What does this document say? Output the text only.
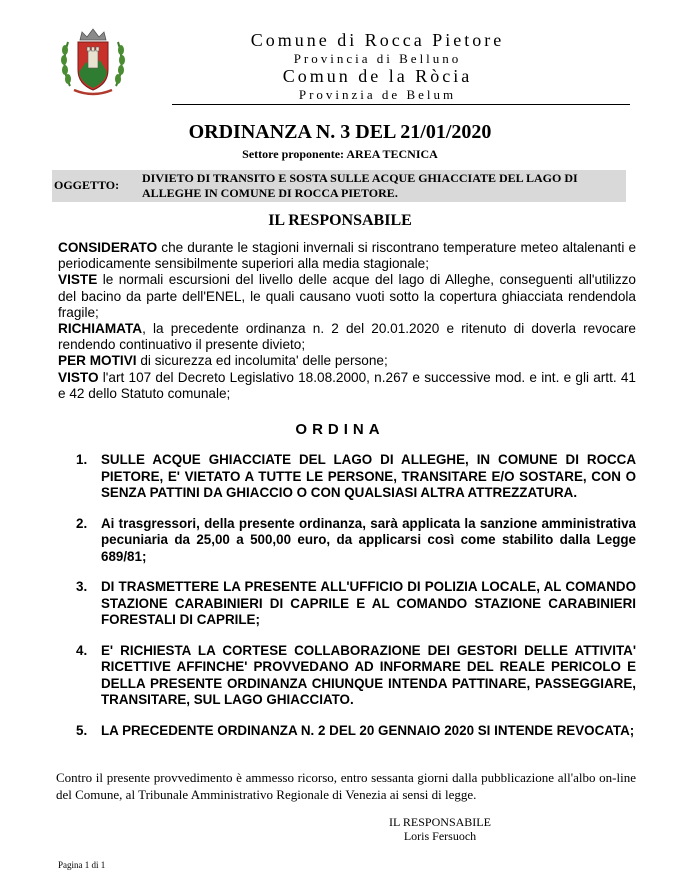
Comune di Rocca Pietore
Provincia di Belluno
Comun de la Ròcia
Provinzia de Belum
ORDINANZA N. 3 DEL 21/01/2020
Settore proponente: AREA TECNICA
OGGETTO: DIVIETO DI TRANSITO E SOSTA SULLE ACQUE GHIACCIATE DEL LAGO DI ALLEGHE IN COMUNE DI ROCCA PIETORE.
IL RESPONSABILE

CONSIDERATO che durante le stagioni invernali si riscontrano temperature meteo altalenanti e periodicamente sensibilmente superiori alla media stagionale;

VISTE le normali escursioni del livello delle acque del lago di Alleghe, conseguenti all'utilizzo del bacino da parte dell'ENEL, le quali causano vuoti sotto la copertura ghiacciata rendendola fragile;

RICHIAMATA, la precedente ordinanza n. 2 del 20.01.2020 e ritenuto di doverla revocare rendendo continuativo il presente divieto;

PER MOTIVI di sicurezza ed incolumita' delle persone;

VISTO l'art 107 del Decreto Legislativo 18.08.2000, n.267 e successive mod. e int. e gli artt. 41 e 42 dello Statuto comunale;

ORDINA
1. SULLE ACQUE GHIACCIATE DEL LAGO DI ALLEGHE, IN COMUNE DI ROCCA PIETORE, E' VIETATO A TUTTE LE PERSONE, TRANSITARE E/O SOSTARE, CON O SENZA PATTINI DA GHIACCIO O CON QUALSIASI ALTRA ATTREZZATURA.
2. Ai trasgressori, della presente ordinanza, sarà applicata la sanzione amministrativa pecuniaria da 25,00 a 500,00 euro, da applicarsi così come stabilito dalla Legge 689/81;
3. DI TRASMETTERE LA PRESENTE ALL'UFFICIO DI POLIZIA LOCALE, AL COMANDO STAZIONE CARABINIERI DI CAPRILE E AL COMANDO STAZIONE CARABINIERI FORESTALI DI CAPRILE;
4. E' RICHIESTA LA CORTESE COLLABORAZIONE DEI GESTORI DELLE ATTIVITA' RICETTIVE AFFINCHE' PROVVEDANO AD INFORMARE DEL REALE PERICOLO E DELLA PRESENTE ORDINANZA CHIUNQUE INTENDA PATTINARE, PASSEGGIARE, TRANSITARE, SUL LAGO GHIACCIATO.
5. LA PRECEDENTE ORDINANZA N. 2 DEL 20 GENNAIO 2020 SI INTENDE REVOCATA;
Contro il presente provvedimento è ammesso ricorso, entro sessanta giorni dalla pubblicazione all'albo on-line del Comune, al Tribunale Amministrativo Regionale di Venezia ai sensi di legge.
IL RESPONSABILE
Loris Fersuoch
Pagina 1 di 1
